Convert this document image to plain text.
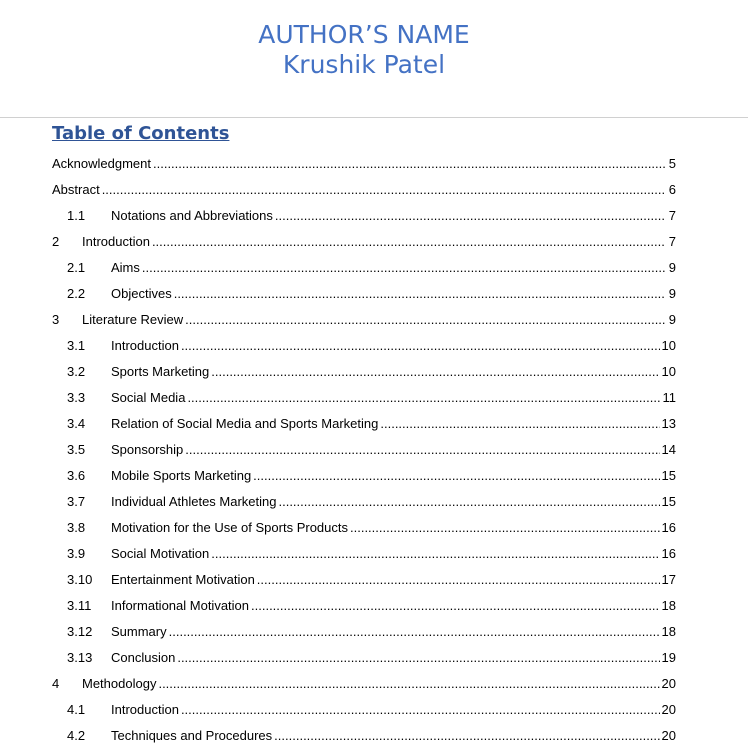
AUTHOR’S NAME
Krushik Patel
Table of Contents
Acknowledgment .....	5
Abstract .....	6
1.1	Notations and Abbreviations .....	7
2	Introduction .....	7
2.1	Aims .....	9
2.2	Objectives .....	9
3	Literature Review .....	9
3.1	Introduction .....	10
3.2	Sports Marketing .....	10
3.3	Social Media .....	11
3.4	Relation of Social Media and Sports Marketing .....	13
3.5	Sponsorship .....	14
3.6	Mobile Sports Marketing .....	15
3.7	Individual Athletes Marketing .....	15
3.8	Motivation for the Use of Sports Products .....	16
3.9	Social Motivation .....	16
3.10	Entertainment Motivation .....	17
3.11	Informational Motivation .....	18
3.12	Summary .....	18
3.13	Conclusion .....	19
4	Methodology .....	20
4.1	Introduction .....	20
4.2	Techniques and Procedures .....	20
